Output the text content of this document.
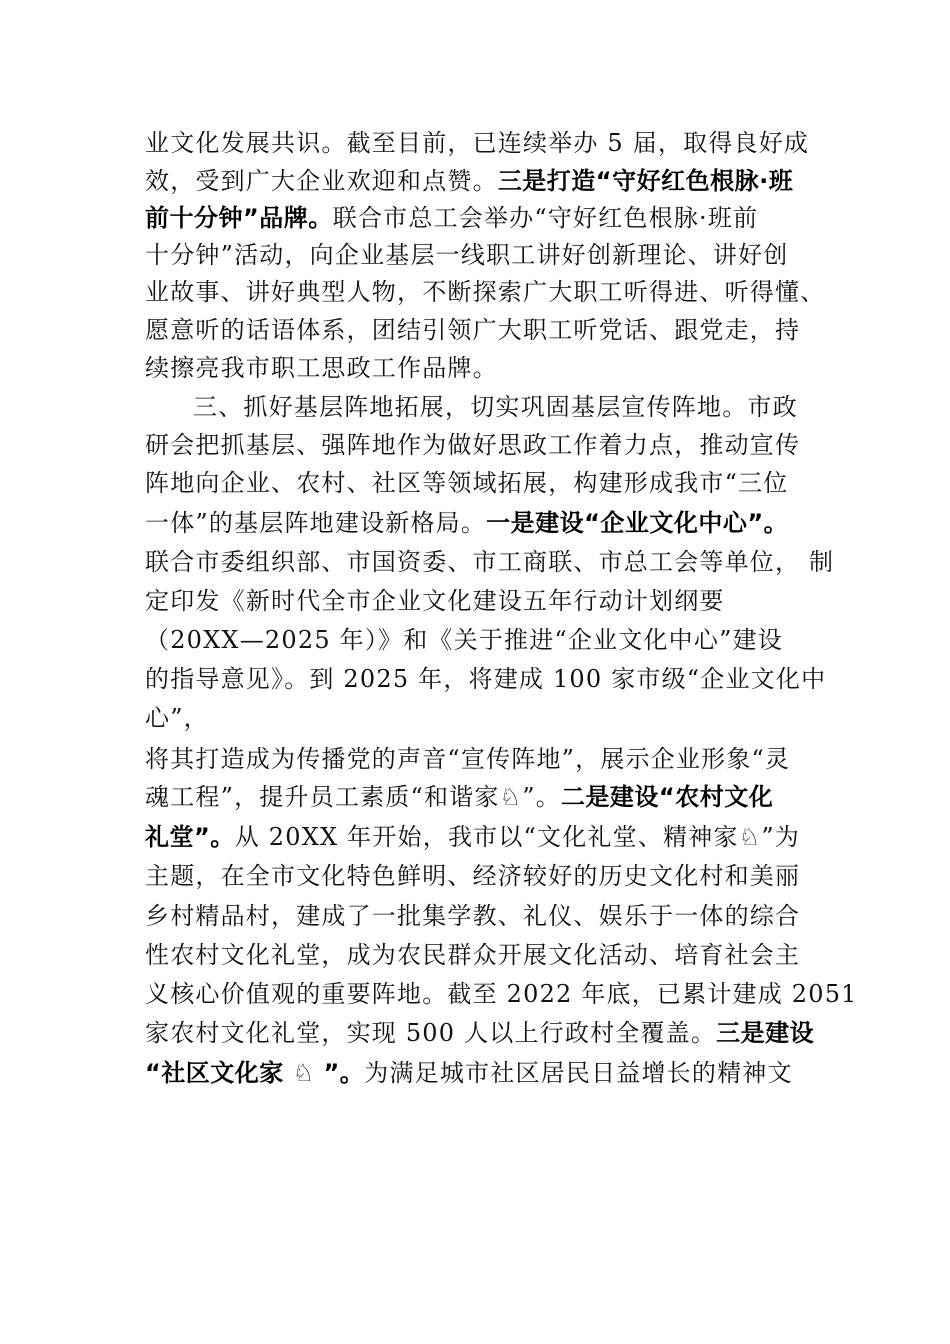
业文化发展共识。截至目前，已连续举办 5 届，取得良好成
效，受到广大企业欢迎和点赞。三是打造“守好红色根脉·班
前十分钟”品牌。联合市总工会举办“守好红色根脉·班前
十分钟”活动，向企业基层一线职工讲好创新理论、讲好创
业故事、讲好典型人物，不断探索广大职工听得进、听得懂、
愿意听的话语体系，团结引领广大职工听党话、跟党走，持
续擦亮我市职工思政工作品牌。
三、抓好基层阵地拓展，切实巩固基层宣传阵地。市政
研会把抓基层、强阵地作为做好思政工作着力点，推动宣传
阵地向企业、农村、社区等领域拓展，构建形成我市“三位
一体”的基层阵地建设新格局。一是建设“企业文化中心”。
联合市委组织部、市国资委、市工商联、市总工会等单位， 制
定印发《新时代全市企业文化建设五年行动计划纲要
（20XX—2025 年）》和《关于推进“企业文化中心”建设
的指导意见》。到 2025 年，将建成 100 家市级“企业文化中
心”，
将其打造成为传播党的声音“宣传阵地”，展示企业形象“灵
魂工程”，提升员工素质“和谐家♘”。二是建设“农村文化
礼堂”。从 20XX 年开始，我市以“文化礼堂、精神家♘”为
主题，在全市文化特色鲜明、经济较好的历史文化村和美丽
乡村精品村，建成了一批集学教、礼仪、娱乐于一体的综合
性农村文化礼堂，成为农民群众开展文化活动、培育社会主
义核心价值观的重要阵地。截至 2022 年底，已累计建成 2051
家农村文化礼堂，实现 500 人以上行政村全覆盖。三是建设
“社区文化家 ♘ ”。为满足城市社区居民日益增长的精神文
